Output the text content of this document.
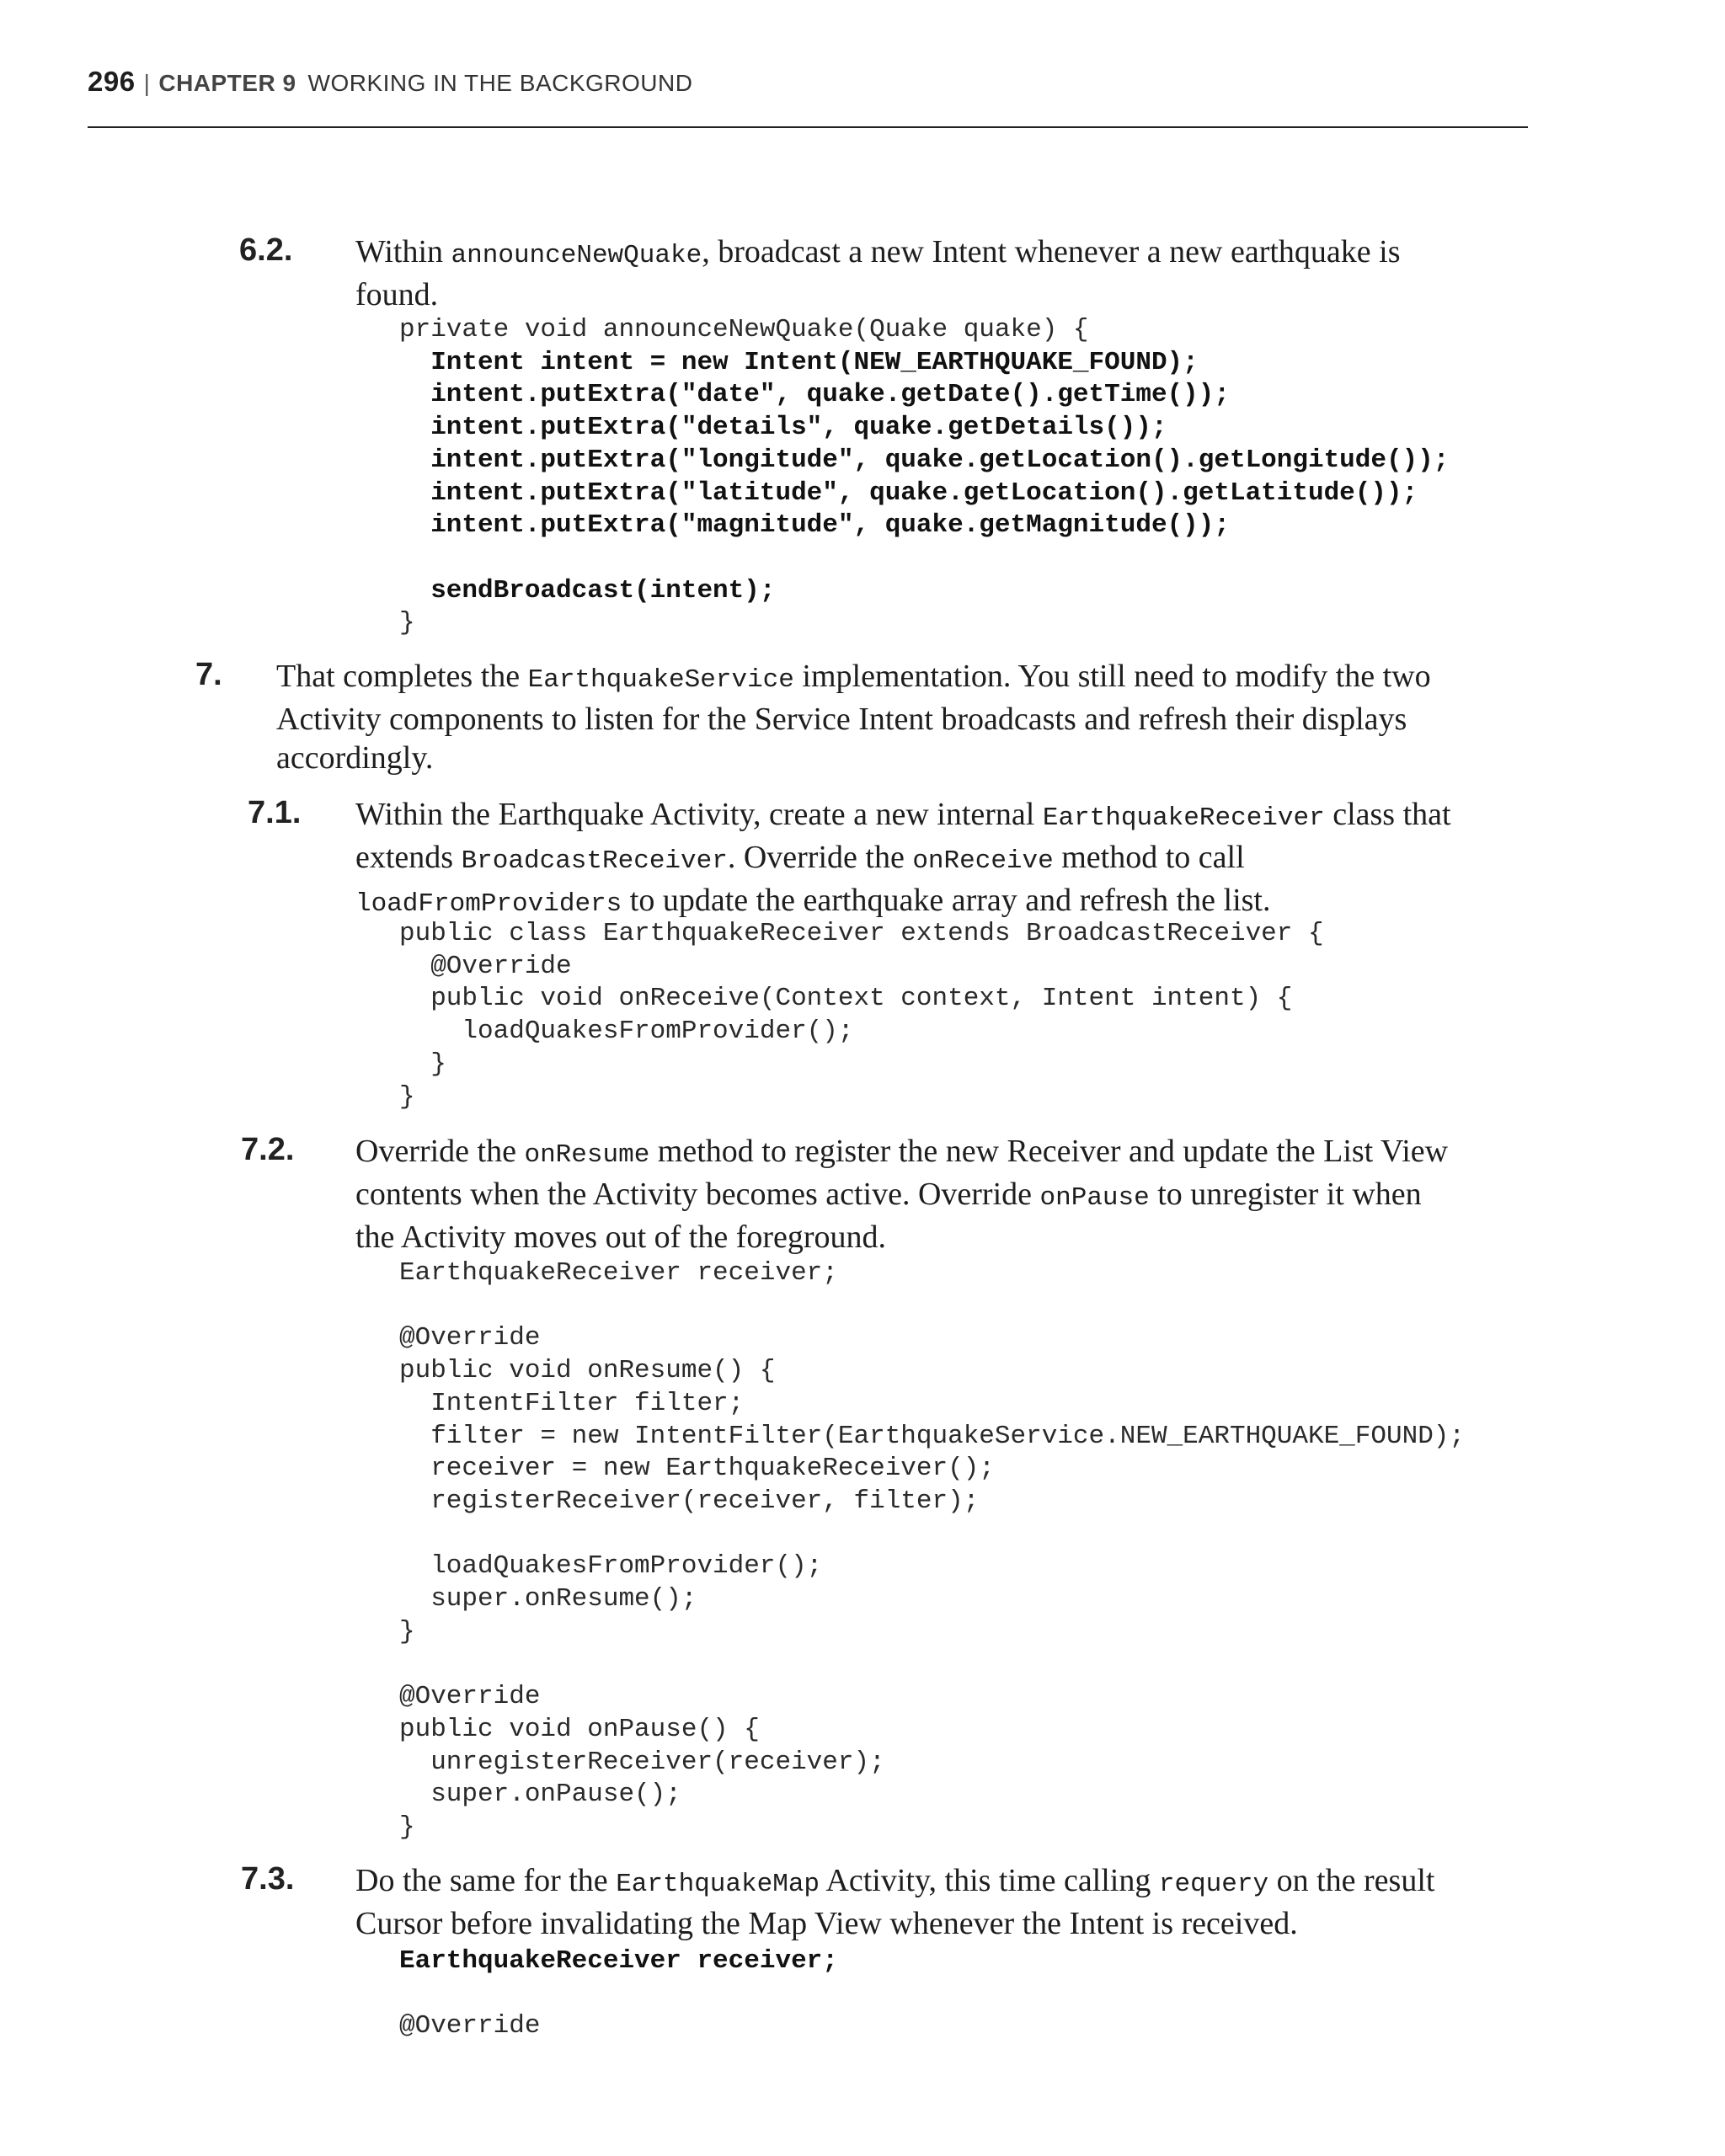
296 | CHAPTER 9 WORKING IN THE BACKGROUND
6.2. Within announceNewQuake, broadcast a new Intent whenever a new earthquake is found.
private void announceNewQuake(Quake quake) {
Intent intent = new Intent(NEW_EARTHQUAKE_FOUND);
intent.putExtra("date", quake.getDate().getTime());
intent.putExtra("details", quake.getDetails());
intent.putExtra("longitude", quake.getLocation().getLongitude());
intent.putExtra("latitude", quake.getLocation().getLatitude());
intent.putExtra("magnitude", quake.getMagnitude());

sendBroadcast(intent);
}

7. That completes the EarthquakeService implementation. You still need to modify the two Activity components to listen for the Service Intent broadcasts and refresh their displays accordingly.
7.1. Within the Earthquake Activity, create a new internal EarthquakeReceiver class that extends BroadcastReceiver. Override the onReceive method to call loadFromProviders to update the earthquake array and refresh the list.
public class EarthquakeReceiver extends BroadcastReceiver {
@Override
public void onReceive(Context context, Intent intent) {
loadQuakesFromProvider();
}
}

7.2. Override the onResume method to register the new Receiver and update the List View contents when the Activity becomes active. Override onPause to unregister it when the Activity moves out of the foreground.
EarthquakeReceiver receiver;

@Override
public void onResume() {
IntentFilter filter;
filter = new IntentFilter(EarthquakeService.NEW_EARTHQUAKE_FOUND);
receiver = new EarthquakeReceiver();
registerReceiver(receiver, filter);

loadQuakesFromProvider();
super.onResume();
}

@Override
public void onPause() {
unregisterReceiver(receiver);
super.onPause();
}

7.3. Do the same for the EarthquakeMap Activity, this time calling requery on the result Cursor before invalidating the Map View whenever the Intent is received.
EarthquakeReceiver receiver;

@Override
